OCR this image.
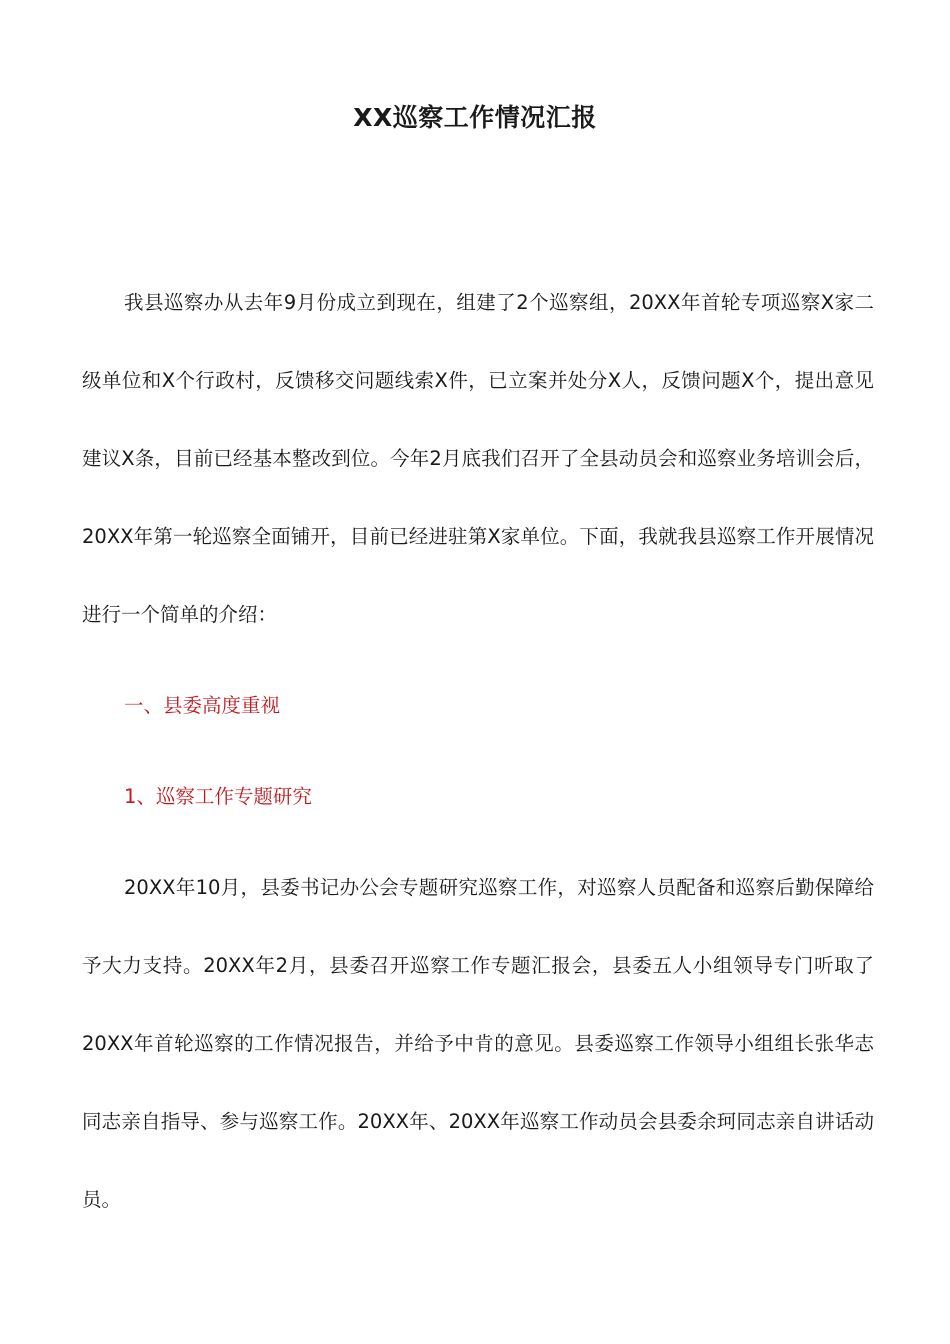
XX巡察工作情况汇报

我县巡察办从去年9月份成立到现在，组建了2个巡察组，20XX年首轮专项巡察X家二级单位和X个行政村，反馈移交问题线索X件，已立案并处分X人，反馈问题X个，提出意见建议X条，目前已经基本整改到位。今年2月底我们召开了全县动员会和巡察业务培训会后，20XX年第一轮巡察全面铺开，目前已经进驻第X家单位。下面，我就我县巡察工作开展情况进行一个简单的介绍：

一、县委高度重视
1、巡察工作专题研究

20XX年10月，县委书记办公会专题研究巡察工作，对巡察人员配备和巡察后勤保障给予大力支持。20XX年2月，县委召开巡察工作专题汇报会，县委五人小组领导专门听取了20XX年首轮巡察的工作情况报告，并给予中肯的意见。县委巡察工作领导小组组长张华志同志亲自指导、参与巡察工作。20XX年、20XX年巡察工作动员会县委余珂同志亲自讲话动员。
